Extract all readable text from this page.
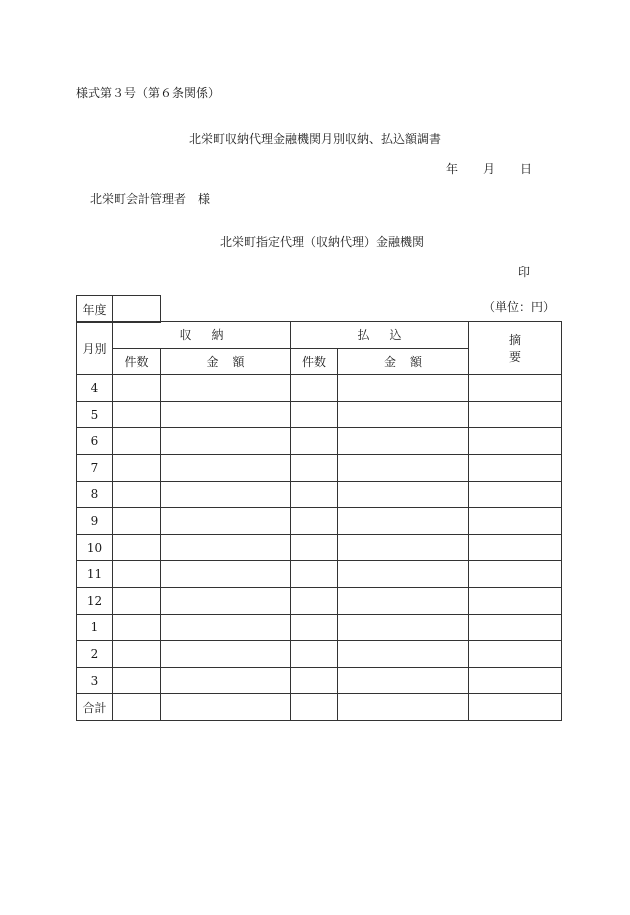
様式第３号（第６条関係）
北栄町収納代理金融機関月別収納、払込額調書
年 月 日
北栄町会計管理者　様
北栄町指定代理（収納代理）金融機関
印
（単位：円）
年度	
月別	収納		払込		摘要
	件数	金額	件数	金額	
4					
5					
6					
7					
8					
9					
10					
11					
12					
1					
2					
3					
合計					
